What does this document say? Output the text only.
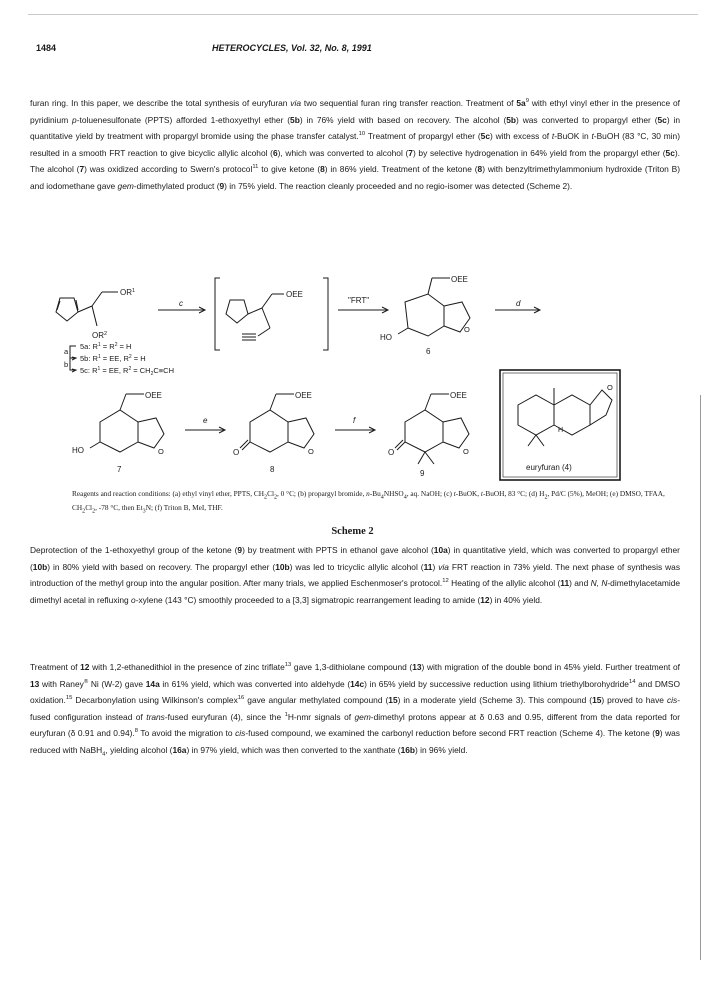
1484	HETEROCYCLES, Vol. 32, No. 8, 1991

furan ring. In this paper, we describe the total synthesis of euryfuran via two sequential furan ring transfer reaction. Treatment of $5a^9$ with ethyl vinyl ether in the presence of pyridinium p-toluenesulfonate (PPTS) afforded 1-ethoxyethyl ether (5b) in 76% yield with based on recovery. The alcohol (5b) was converted to propargyl ether (5c) in quantitative yield by treatment with propargyl bromide using the phase transfer catalyst.$^{10}$ Treatment of propargyl ether (5c) with excess of t-BuOK in t-BuOH (83 °C, 30 min) resulted in a smooth FRT reaction to give bicyclic allylic alcohol (6), which was converted to alcohol (7) by selective hydrogenation in 64% yield from the propargyl ether (5c). The alcohol (7) was oxidized according to Swern's protocol$^{11}$ to give ketone (8) in 86% yield. Treatment of the ketone (8) with benzyltrimethylammonium hydroxide (Triton B) and iodomethane gave gem-dimethylated product (9) in 75% yield. The reaction cleanly proceeded and no regio-isomer was detected (Scheme 2).

$OR^1$
$OR^2$
c
OEE
"FRT"
OEE
O
HO
6
d
a
b
5a: $R^1 = R^2 = H$
5b: $R^1$ = EE, $R^2 = H$
5c: $R^1$ = EE, $R^2 = CH_2C\equiv CH$
OEE
O
HO
7
e
OEE
O
O
8
f
OEE
O
O
9
O
H
euryfuran (4)

Reagents and reaction conditions: (a) ethyl vinyl ether, PPTS, $CH_2Cl_2$, 0 °C; (b) propargyl bromide, $n-Bu_4NHSO_4$, aq. NaOH; (c) t-BuOK, t-BuOH, 83 °C; (d) $H_2$, Pd/C (5%), MeOH; (e) DMSO, TFAA, $CH_2Cl_2$, -78 °C, then $Et_3N$; (f) Triton B, MeI, THF.

Scheme 2

Deprotection of the 1-ethoxyethyl group of the ketone (9) by treatment with PPTS in ethanol gave alcohol (10a) in quantitative yield, which was converted to propargyl ether (10b) in 80% yield with based on recovery. The propargyl ether (10b) was led to tricyclic allylic alcohol (11) via FRT reaction in 73% yield. The next phase of synthesis was introduction of the methyl group into the angular position. After many trials, we applied Eschenmoser's protocol.$^{12}$ Heating of the allylic alcohol (11) and N, N-dimethylacetamide dimethyl acetal in refluxing o-xylene (143 °C) smoothly proceeded to a [3,3] sigmatropic rearrangement leading to amide (12) in 40% yield.

Treatment of 12 with 1,2-ethanedithiol in the presence of zinc triflate$^{13}$ gave 1,3-dithiolane compound (13) with migration of the double bond in 45% yield. Further treatment of 13 with Raney® Ni (W-2) gave 14a in 61% yield, which was converted into aldehyde (14c) in 65% yield by successive reduction using lithium triethylborohydride$^{14}$ and DMSO oxidation.$^{15}$ Decarbonylation using Wilkinson's complex$^{16}$ gave angular methylated compound (15) in a moderate yield (Scheme 3). This compound (15) proved to have cis-fused configuration instead of trans-fused euryfuran (4), since the $^1$H-nmr signals of gem-dimethyl protons appear at δ 0.63 and 0.95, different from the data reported for euryfuran (δ 0.91 and 0.94).$^8$ To avoid the migration to cis-fused compound, we examined the carbonyl reduction before second FRT reaction (Scheme 4). The ketone (9) was reduced with NaBH$_4$, yielding alcohol (16a) in 97% yield, which was then converted to the xanthate (16b) in 96% yield.
